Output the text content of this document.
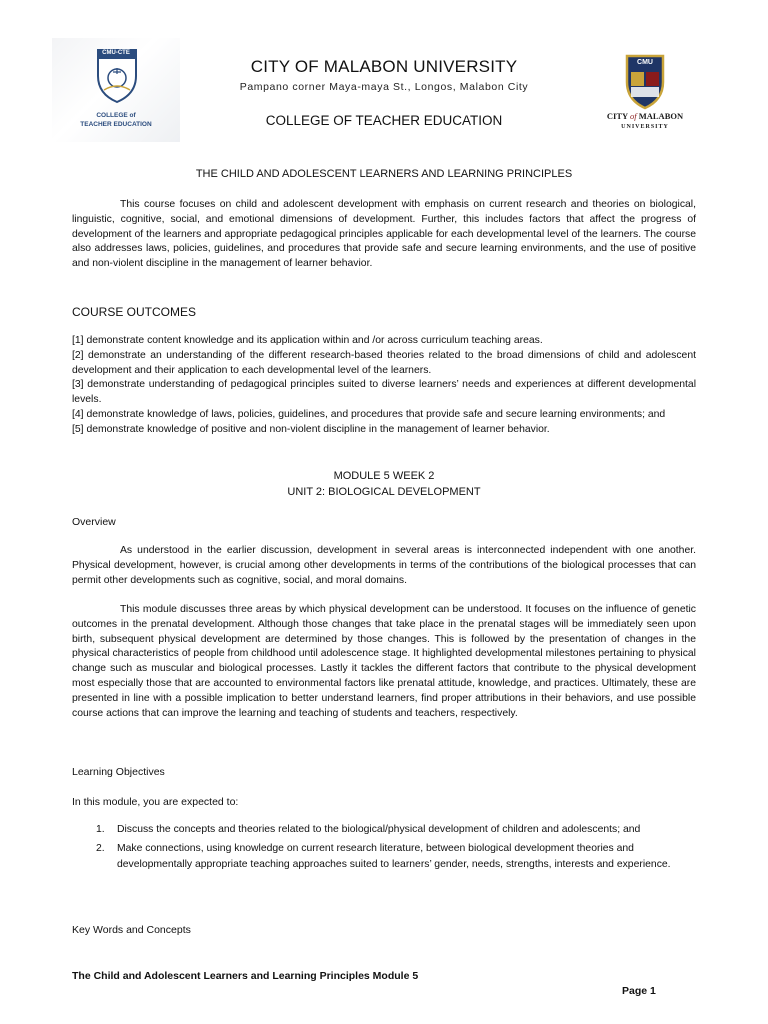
CMU-CTE
COLLEGE of
TEACHER EDUCATION
CMU
CITY of MALABON
UNIVERSITY
CITY OF MALABON UNIVERSITY
Pampano corner Maya-maya St., Longos, Malabon City
COLLEGE OF TEACHER EDUCATION
THE CHILD AND ADOLESCENT LEARNERS AND LEARNING PRINCIPLES

This course focuses on child and adolescent development with emphasis on current research and theories on biological, linguistic, cognitive, social, and emotional dimensions of development. Further, this includes factors that affect the progress of development of the learners and appropriate pedagogical principles applicable for each developmental level of the learners. The course also addresses laws, policies, guidelines, and procedures that provide safe and secure learning environments, and the use of positive and non-violent discipline in the management of learner behavior.

COURSE OUTCOMES

[1] demonstrate content knowledge and its application within and /or across curriculum teaching areas.
[2] demonstrate an understanding of the different research-based theories related to the broad dimensions of child and adolescent development and their application to each developmental level of the learners.
[3] demonstrate understanding of pedagogical principles suited to diverse learners’ needs and experiences at different developmental levels.
[4] demonstrate knowledge of laws, policies, guidelines, and procedures that provide safe and secure learning environments; and
[5] demonstrate knowledge of positive and non-violent discipline in the management of learner behavior.

MODULE 5 WEEK 2

UNIT 2: BIOLOGICAL DEVELOPMENT

Overview

As understood in the earlier discussion, development in several areas is interconnected independent with one another. Physical development, however, is crucial among other developments in terms of the contributions of the biological processes that can permit other developments such as cognitive, social, and moral domains.

This module discusses three areas by which physical development can be understood. It focuses on the influence of genetic outcomes in the prenatal development. Although those changes that take place in the prenatal stages will be immediately seen upon birth, subsequent physical development are determined by those changes. This is followed by the presentation of changes in the physical characteristics of people from childhood until adolescence stage. It highlighted developmental milestones pertaining to physical change such as muscular and biological processes. Lastly it tackles the different factors that contribute to the physical development most especially those that are accounted to environmental factors like prenatal attitude, knowledge, and practices. Ultimately, these are presented in line with a possible implication to better understand learners, find proper attributions in their behaviors, and use possible course actions that can improve the learning and teaching of students and teachers, respectively.

Learning Objectives

In this module, you are expected to:

1. Discuss the concepts and theories related to the biological/physical development of children and adolescents; and
2. Make connections, using knowledge on current research literature, between biological development theories and developmentally appropriate teaching approaches suited to learners’ gender, needs, strengths, interests and experience.

Key Words and Concepts

The Child and Adolescent Learners and Learning Principles Module 5
Page 1
